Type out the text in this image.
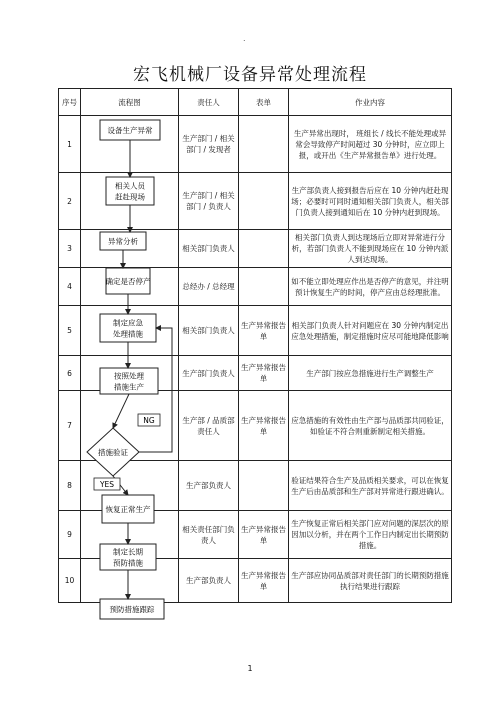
.
宏飞机械厂设备异常处理流程
序号	流程图	责任人	表单	作业内容
1		生产部门 / 相关部门 / 发现者		生产异常出现时， 班组长 / 线长不能处理或异常会导致停产时间超过 30 分钟时，应立即上报，或开出《生产异常报告单》进行处理。
2		生产部门 / 相关部门 / 负责人		生产部负责人接到报告后应在 10 分钟内赶赴现场；必要时可同时通知相关部门负责人，相关部门负责人接到通知后在 10 分钟内赶到现场。
3		相关部门负责人		相关部门负责人到达现场后立即对异常进行分析，若部门负责人不能到现场应在 10 分钟内派人到达现场。
4		总经办 / 总经理		如不能立即处理应作出是否停产的意见，并注明预计恢复生产的时间，停产应由总经理批准。
5		相关部门负责人	生产异常报告单	相关部门负责人针对问题应在 30 分钟内制定出应急处理措施，制定措施时应尽可能地降低影响
6		生产部门负责人	生产异常报告单	生产部门按应急措施进行生产调整生产
7		生产部 / 品质部责任人	生产异常报告单	应急措施的有效性由生产部与品质部共同验证，如验证不符合则重新制定相关措施。
8		生产部负责人		验证结果符合生产及品质相关要求，可以在恢复生产后由品质部和生产部对异常进行跟进确认。
9		相关责任部门负责人	生产异常报告单	生产恢复正常后相关部门应对问题的深层次的原因加以分析，并在两个工作日内制定出长期预防措施。
10		生产部负责人	生产异常报告单	生产部应协同品质部对责任部门的长期预防措施执行结果进行跟踪
设备生产异常
相关人员
赶赴现场
异常分析
确定是否停产
制定应急
处理措施
按照处理
措施生产
恢复正常生产
制定长期
预防措施
预防措施跟踪
措施验证
NG
YES
1
